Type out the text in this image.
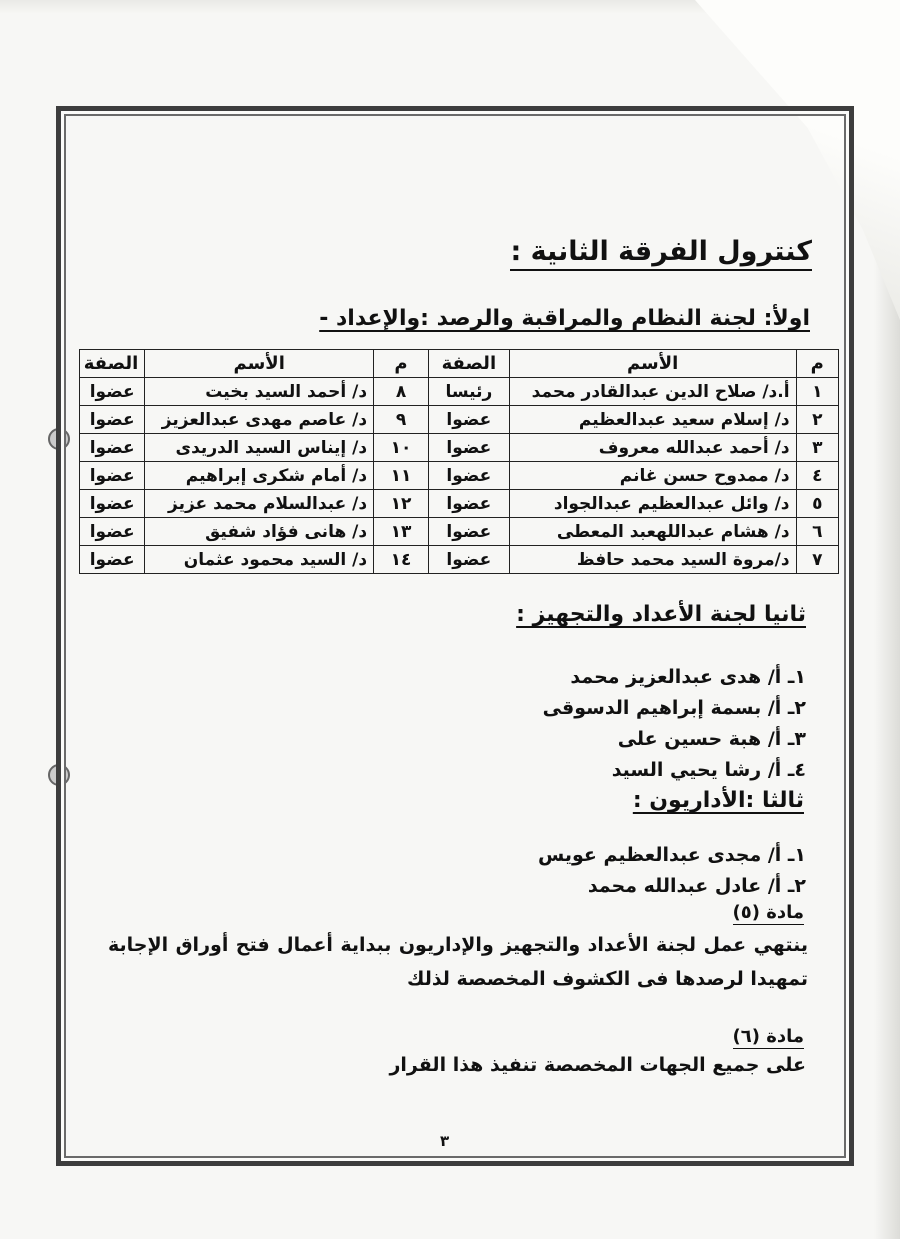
كنترول الفرقة الثانية :
اولأ: لجنة النظام والمراقبة والرصد :والإعداد -
م	الأسم	الصفة	م	الأسم	الصفة
١	أ.د/ صلاح الدين عبدالقادر محمد	رئيسا	٨	د/ أحمد السيد بخيت	عضوا
٢	د/ إسلام سعيد عبدالعظيم	عضوا	٩	د/ عاصم مهدى عبدالعزيز	عضوا
٣	د/ أحمد عبدالله معروف	عضوا	١٠	د/ إيناس السيد الدريدى	عضوا
٤	د/ ممدوح حسن غانم	عضوا	١١	د/ أمام شكرى إبراهيم	عضوا
٥	د/ وائل عبدالعظيم عبدالجواد	عضوا	١٢	د/ عبدالسلام محمد عزيز	عضوا
٦	د/ هشام عبداللهعبد المعطى	عضوا	١٣	د/ هانى فؤاد شفيق	عضوا
٧	د/مروة السيد محمد حافظ	عضوا	١٤	د/ السيد محمود عثمان	عضوا
ثانيا لجنة الأعداد والتجهيز :
١ـ أ/ هدى عبدالعزيز محمد
٢ـ أ/ بسمة إبراهيم الدسوقى
٣ـ أ/ هبة حسين على
٤ـ أ/ رشا يحيي السيد
ثالثا :الأداريون :
١ـ أ/ مجدى عبدالعظيم عويس
٢ـ أ/ عادل عبدالله محمد
مادة (٥)
ينتهي عمل لجنة الأعداد والتجهيز والإداريون ببداية أعمال فتح أوراق الإجابة تمهيدا لرصدها فى الكشوف المخصصة لذلك
مادة (٦)
على جميع الجهات المخصصة تنفيذ هذا القرار
٣
